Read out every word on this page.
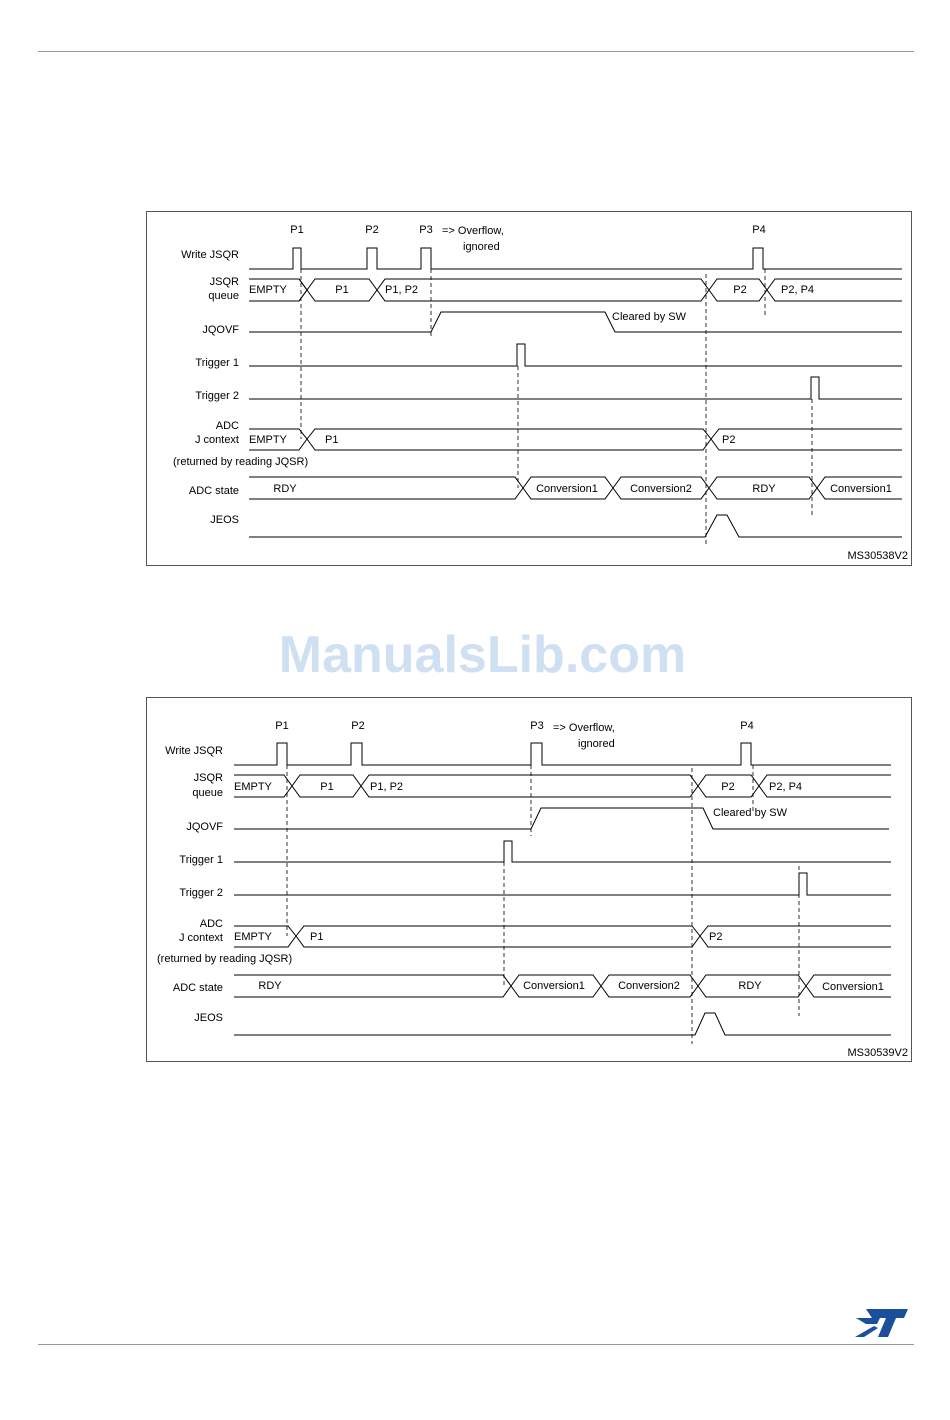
Write JSQR
JSQR
queue
JQOVF
Trigger 1
Trigger 2
ADC
J context
(returned by reading JQSR)
ADC state
JEOS
P1	P2	P3	P4
=> Overflow,
ignored
Cleared by SW
EMPTY	P1	P1, P2	P2	P2, P4
EMPTY	P1	P2
RDY	Conversion1	Conversion2	RDY	Conversion1
MS30538V2
ManualsLib.com
Write JSQR
JSQR
queue
JQOVF
Trigger 1
Trigger 2
ADC
J context
(returned by reading JQSR)
ADC state
JEOS
P1	P2	P3	P4
=> Overflow,
ignored
Cleared by SW
EMPTY	P1	P1, P2	P2	P2, P4
EMPTY	P1	P2
RDY	Conversion1	Conversion2	RDY	Conversion1
MS30539V2
